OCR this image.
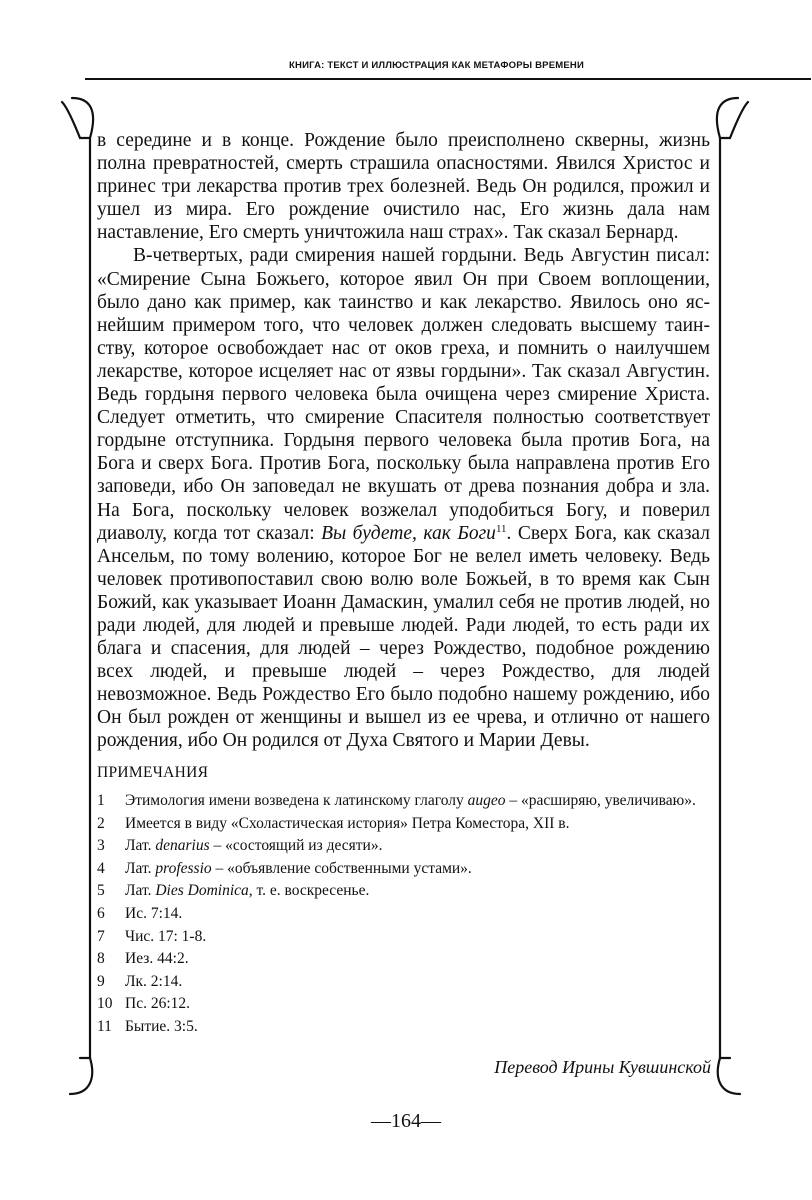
КНИГА: ТЕКСТ И ИЛЛЮСТРАЦИЯ КАК МЕТАФОРЫ ВРЕМЕНИ

в середине и в конце. Рождение было преисполнено скверны, жизнь полна превратностей, смерть страшила опасностями. Явился Христос и принес три лекарства против трех болезней. Ведь Он родился, прожил и ушел из мира. Его рождение очистило нас, Его жизнь дала нам наставление, Его смерть уничтожила наш страх». Так сказал Бернард.

В-четвертых, ради смирения нашей гордыни. Ведь Августин писал: «Смирение Сына Божьего, которое явил Он при Своем воплощении, было дано как пример, как таинство и как лекарство. Явилось оно яснейшим примером того, что человек должен следовать высшему таинству, которое освобождает нас от оков греха, и помнить о наилучшем лекарстве, которое исцеляет нас от язвы гордыни». Так сказал Августин. Ведь гордыня первого человека была очищена через смирение Христа. Следует отметить, что смирение Спасителя полностью соответствует гордыне отступника. Гордыня первого человека была против Бога, на Бога и сверх Бога. Против Бога, поскольку была направлена против Его заповеди, ибо Он заповедал не вкушать от древа познания добра и зла. На Бога, поскольку человек возжелал уподобиться Богу, и поверил диаволу, когда тот сказал: Вы будете, как Боги$^{11}$. Сверх Бога, как сказал Ансельм, по тому волению, которое Бог не велел иметь человеку. Ведь человек противопоставил свою волю воле Божьей, в то время как Сын Божий, как указывает Иоанн Дамаскин, умалил себя не против людей, но ради людей, для людей и превыше людей. Ради людей, то есть ради их блага и спасения, для людей – через Рождество, подобное рождению всех людей, и превыше людей – через Рождество, для людей невозможное. Ведь Рождество Его было подобно нашему рождению, ибо Он был рожден от женщины и вышел из ее чрева, и отлично от нашего рождения, ибо Он родился от Духа Святого и Марии Девы.

ПРИМЕЧАНИЯ
1	Этимология имени возведена к латинскому глаголу augeo – «расширяю, увеличиваю».
2	Имеется в виду «Схоластическая история» Петра Коместора, XII в.
3	Лат. denarius – «состоящий из десяти».
4	Лат. professio – «объявление собственными устами».
5	Лат. Dies Dominica, т. е. воскресенье.
6	Ис. 7:14.
7	Чис. 17: 1-8.
8	Иез. 44:2.
9	Лк. 2:14.
10 Пс. 26:12.
11 Бытие. 3:5.
Перевод Ирины Кувшинской
—164—
